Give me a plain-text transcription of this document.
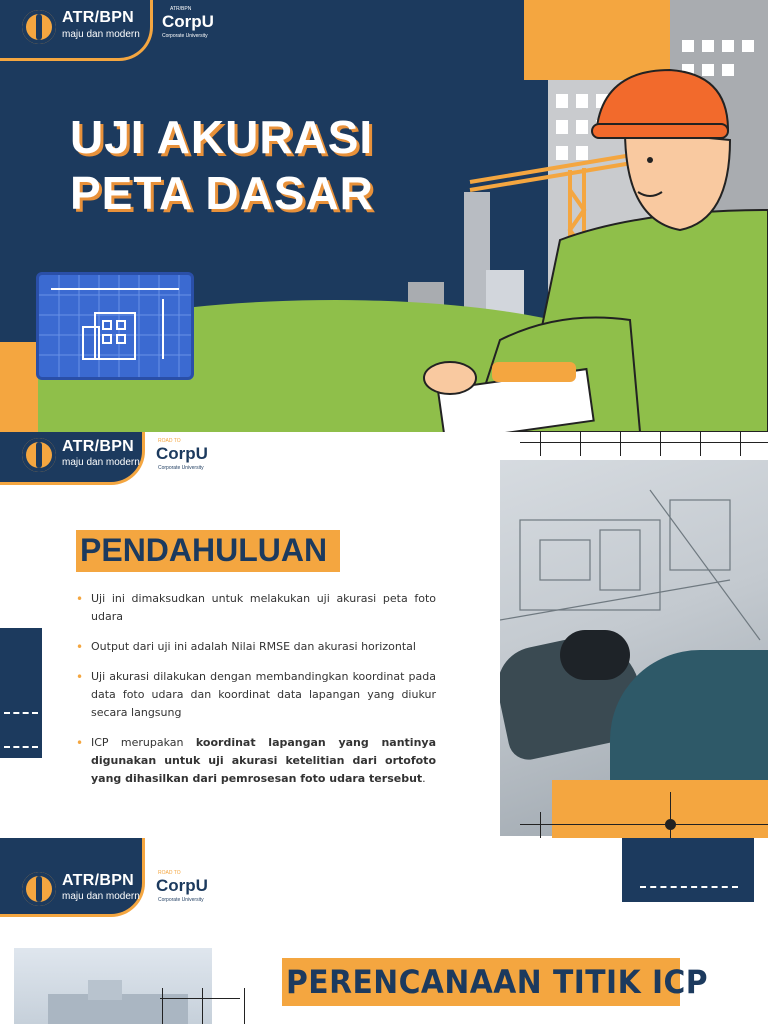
ATR/BPN
maju dan modern
ATR/BPN
CorpU
Corporate University
UJI AKURASI
PETA DASAR
ATR/BPN
maju dan modern
ROAD TO
CorpU
Corporate University
PENDAHULUAN
• Uji ini dimaksudkan untuk melakukan uji akurasi peta foto udara
• Output dari uji ini adalah Nilai RMSE dan akurasi horizontal
• Uji akurasi dilakukan dengan membandingkan koordinat pada data foto udara dan koordinat data lapangan yang diukur secara langsung
• ICP merupakan koordinat lapangan yang nantinya digunakan untuk uji akurasi ketelitian dari ortofoto yang dihasilkan dari pemrosesan foto udara tersebut.
ATR/BPN
maju dan modern
ROAD TO
CorpU
Corporate University
PERENCANAAN TITIK ICP
